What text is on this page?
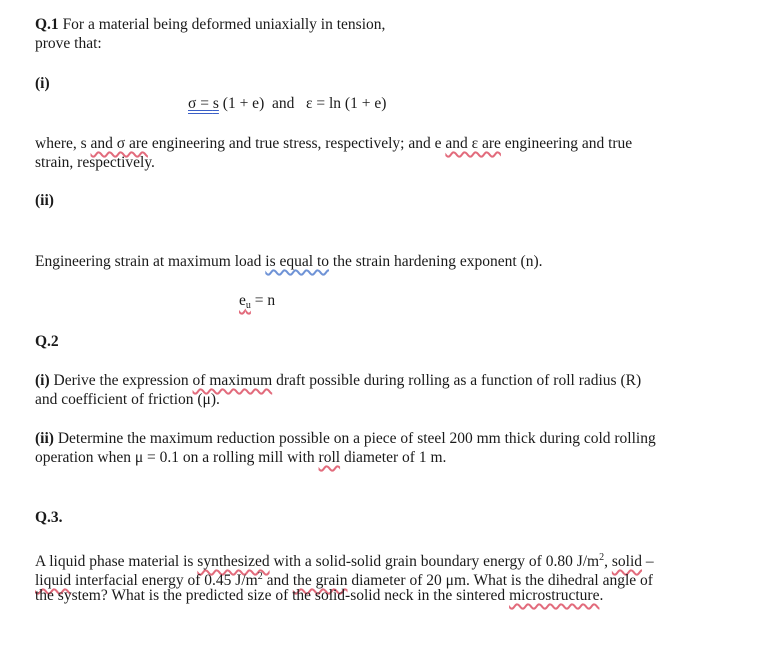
Q.1 For a material being deformed uniaxially in tension,
prove that:
(i)
σ = s (1 + e)  and   ε = ln (1 + e)
where, s and σ are engineering and true stress, respectively; and e and ε are engineering and true
strain, respectively.
(ii)
Engineering strain at maximum load is equal to the strain hardening exponent (n).
$e_u = n$
Q.2
(i) Derive the expression of maximum draft possible during rolling as a function of roll radius (R)
and coefficient of friction (μ).
(ii) Determine the maximum reduction possible on a piece of steel 200 mm thick during cold rolling
operation when μ = 0.1 on a rolling mill with roll diameter of 1 m.
Q.3.
A liquid phase material is synthesized with a solid-solid grain boundary energy of 0.80 $J/m^2$, solid –
liquid interfacial energy of 0.45 $J/m^2$ and the grain diameter of 20 μm. What is the dihedral angle of
the system? What is the predicted size of the solid-solid neck in the sintered microstructure.
